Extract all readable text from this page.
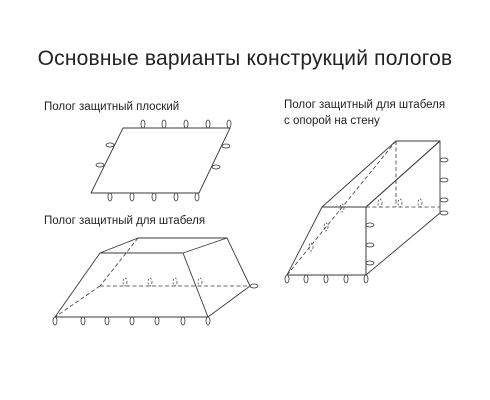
Основные варианты конструкций пологов
Полог защитный плоский
Полог защитный для штабеля
Полог защитный для штабеля
с опорой на стену
